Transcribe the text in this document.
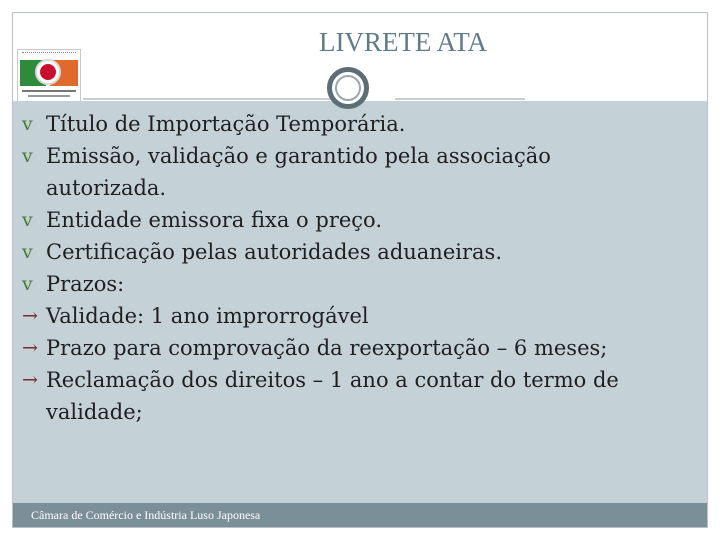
LIVRETE ATA
Câmara de Comércio e Indústria Luso Japonesa
v Título de Importação Temporária.
v Emissão, validação e garantido pela associação
autorizada.
v Entidade emissora fixa o preço.
v Certificação pelas autoridades aduaneiras.
v Prazos:
→ Validade: 1 ano improrrogável
→ Prazo para comprovação da reexportação – 6 meses;
→ Reclamação dos direitos – 1 ano a contar do termo de
validade;
